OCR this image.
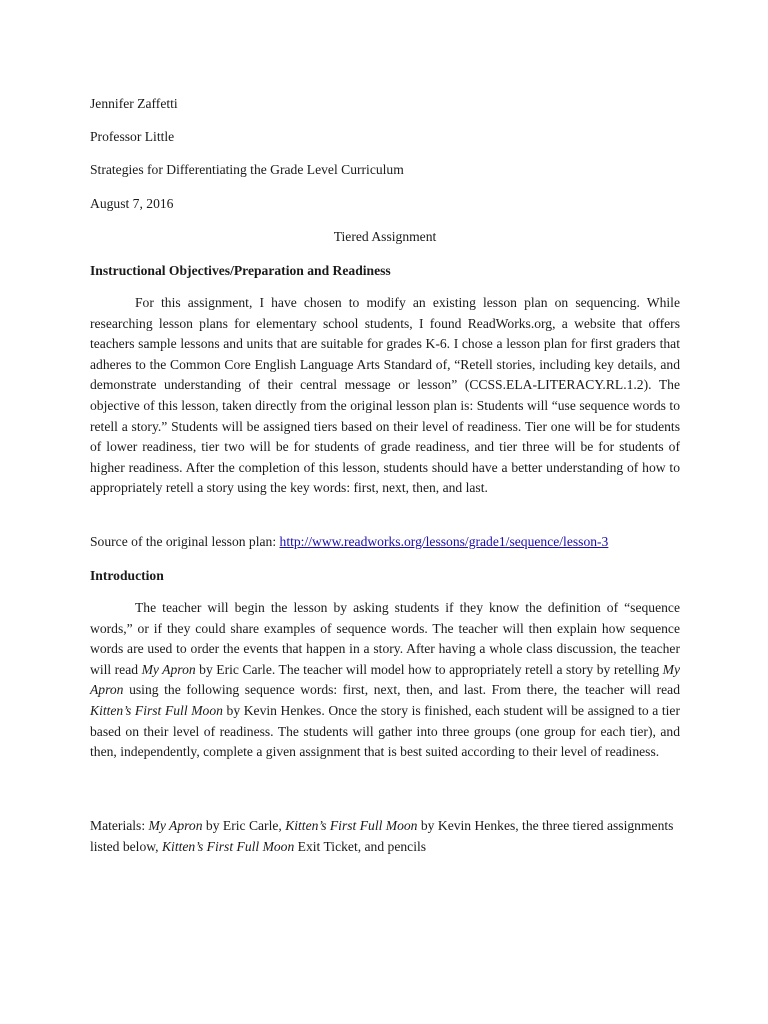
Jennifer Zaffetti
Professor Little
Strategies for Differentiating the Grade Level Curriculum
August 7, 2016
Tiered Assignment
Instructional Objectives/Preparation and Readiness
For this assignment, I have chosen to modify an existing lesson plan on sequencing. While researching lesson plans for elementary school students, I found ReadWorks.org, a website that offers teachers sample lessons and units that are suitable for grades K-6. I chose a lesson plan for first graders that adheres to the Common Core English Language Arts Standard of, “Retell stories, including key details, and demonstrate understanding of their central message or lesson” (CCSS.ELA-LITERACY.RL.1.2). The objective of this lesson, taken directly from the original lesson plan is: Students will “use sequence words to retell a story.” Students will be assigned tiers based on their level of readiness. Tier one will be for students of lower readiness, tier two will be for students of grade readiness, and tier three will be for students of higher readiness. After the completion of this lesson, students should have a better understanding of how to appropriately retell a story using the key words: first, next, then, and last.
Source of the original lesson plan: http://www.readworks.org/lessons/grade1/sequence/lesson-3
Introduction
The teacher will begin the lesson by asking students if they know the definition of “sequence words,” or if they could share examples of sequence words. The teacher will then explain how sequence words are used to order the events that happen in a story. After having a whole class discussion, the teacher will read My Apron by Eric Carle. The teacher will model how to appropriately retell a story by retelling My Apron using the following sequence words: first, next, then, and last. From there, the teacher will read Kitten’s First Full Moon by Kevin Henkes. Once the story is finished, each student will be assigned to a tier based on their level of readiness. The students will gather into three groups (one group for each tier), and then, independently, complete a given assignment that is best suited according to their level of readiness.
Materials: My Apron by Eric Carle, Kitten’s First Full Moon by Kevin Henkes, the three tiered assignments listed below, Kitten’s First Full Moon Exit Ticket, and pencils
